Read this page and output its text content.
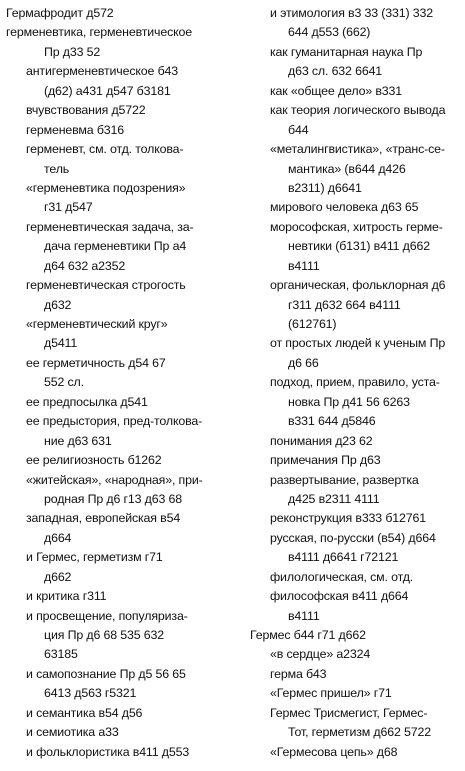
Гермафродит д572
герменевтика, герменевтическое
Пр д33 52
антигерменевтическое б43
(д62) а431 д547 б3181
вчувствования д5722
герменевма б316
герменевт, см. отд. толкова-
тель
«герменевтика подозрения»
г31 д547
герменевтическая задача, за-
дача герменевтики Пр а4
д64 632 а2352
герменевтическая строгость
д632
«герменевтический круг»
д5411
ее герметичность д54 67
552 сл.
ее предпосылка д541
ее предыстория, пред-толкова-
ние д63 631
ее религиозность б1262
«житейская», «народная», при-
родная Пр д6 г13 д63 68
западная, европейская в54
д664
и Гермес, герметизм г71
д662
и критика г311
и просвещение, популяриза-
ция Пр д6 68 535 632
63185
и самопознание Пр д5 56 65
6413 д563 г5321
и семантика в54 д56
и семиотика а33
и фольклористика в411 д553
и этимология в3 33 (331) 332
644 д553 (662)
как гуманитарная наука Пр
д63 сл. 632 6641
как «общее дело» в331
как теория логического вывода
б44
«металингвистика», «транс-се-
мантика» (в644 д426
в2311) д6641
мирового человека д63 65
морософская, хитрость герме-
невтики (б131) в411 д662
в4111
органическая, фольклорная д6
г311 д632 664 в4111
(612761)
от простых людей к ученым Пр
д6 66
подход, прием, правило, уста-
новка Пр д41 56 6263
в331 644 д5846
понимания д23 62
примечания Пр д63
развертывание, развертка
д425 в2311 4111
реконструкция в333 б12761
русская, по-русски (в54) д664
в4111 д6641 г72121
филологическая, см. отд.
философская в411 д664
в4111
Гермес б44 г71 д662
«в сердце» а2324
герма б43
«Гермес пришел» г71
Гермес Трисмегист, Гермес-
Тот, герметизм д662 5722
«Гермесова цепь» д68
